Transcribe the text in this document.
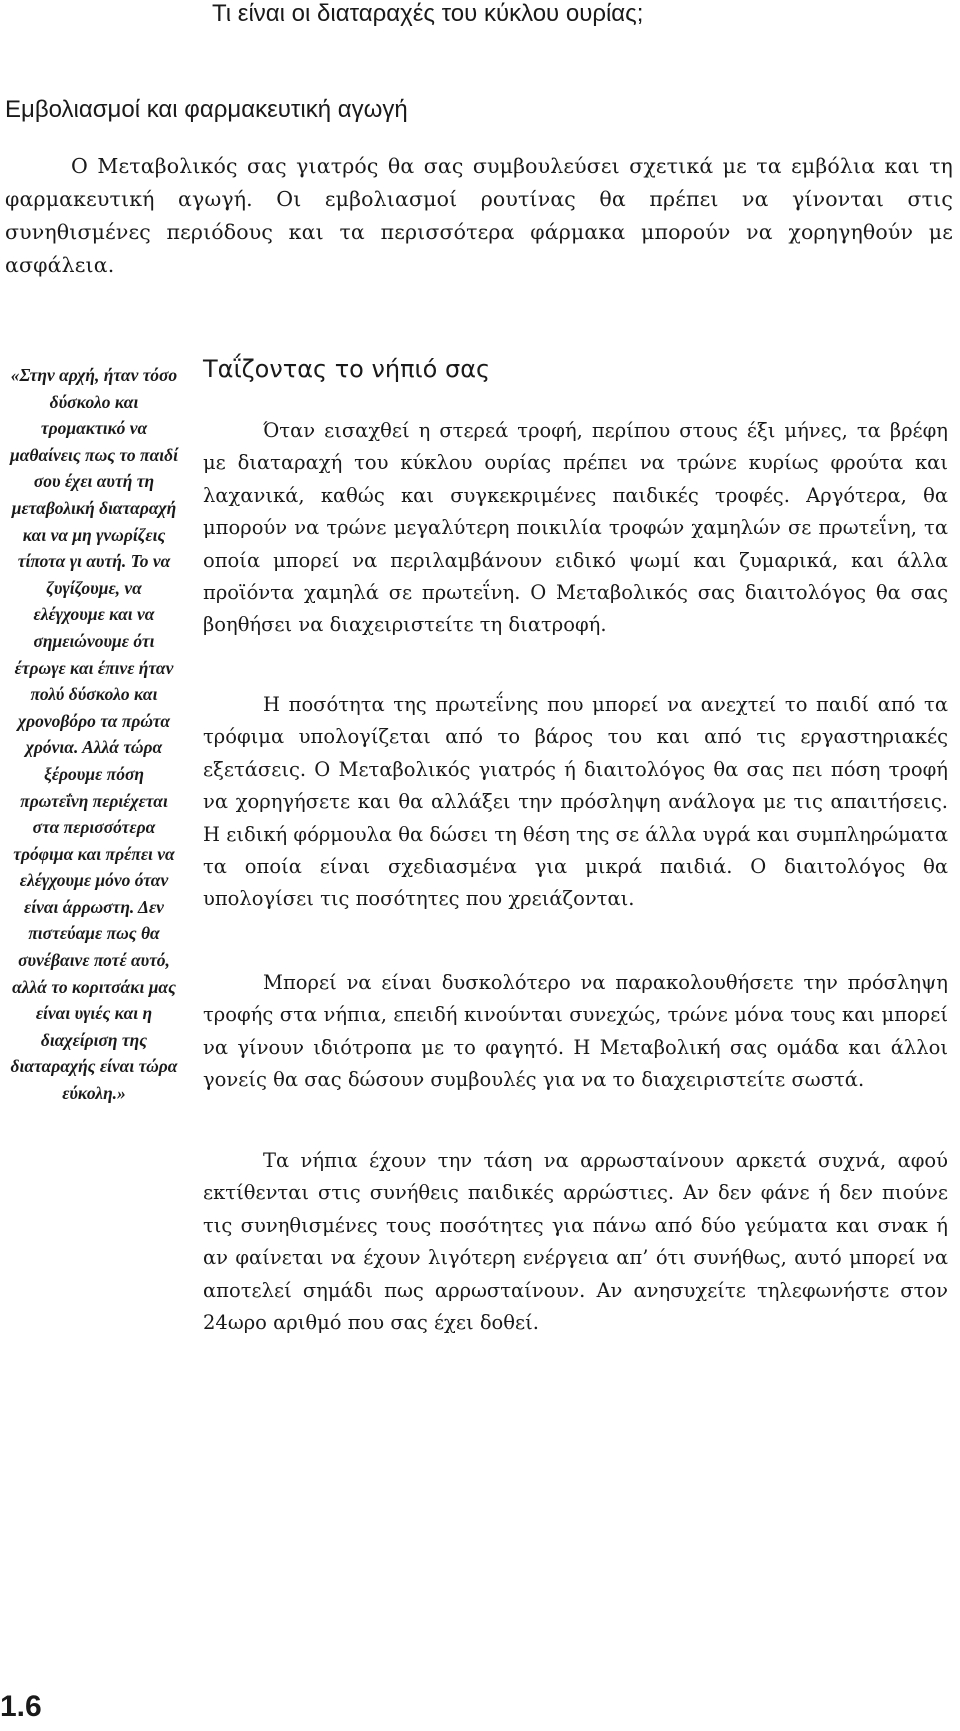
Τι είναι οι διαταραχές του κύκλου ουρίας;
Εμβολιασμοί και φαρμακευτική αγωγή

Ο Μεταβολικός σας γιατρός θα σας συμβουλεύσει σχετικά με τα εμβόλια και τη φαρμακευτική αγωγή. Οι εμβολιασμοί ρουτίνας θα πρέπει να γίνονται στις συνηθισμένες περιόδους και τα περισσότερα φάρμακα μπορούν να χορηγηθούν με ασφάλεια.

«Στην αρχή, ήταν τόσο δύσκολο και τρομακτικό να μαθαίνεις πως το παιδί σου έχει αυτή τη μεταβολική διαταραχή και να μη γνωρίζεις τίποτα γι αυτή. Το να ζυγίζουμε, να ελέγχουμε και να σημειώνουμε ότι έτρωγε και έπινε ήταν πολύ δύσκολο και χρονοβόρο τα πρώτα χρόνια. Αλλά τώρα ξέρουμε πόση πρωτεΐνη περιέχεται στα περισσότερα τρόφιμα και πρέπει να ελέγχουμε μόνο όταν είναι άρρωστη. Δεν πιστεύαμε πως θα συνέβαινε ποτέ αυτό, αλλά το κοριτσάκι μας είναι υγιές και η διαχείριση της διαταραχής είναι τώρα εύκολη.»

Ταΐζοντας το νήπιό σας

Όταν εισαχθεί η στερεά τροφή, περίπου στους έξι μήνες, τα βρέφη με διαταραχή του κύκλου ουρίας πρέπει να τρώνε κυρίως φρούτα και λαχανικά, καθώς και συγκεκριμένες παιδικές τροφές. Αργότερα, θα μπορούν να τρώνε μεγαλύτερη ποικιλία τροφών χαμηλών σε πρωτεΐνη, τα οποία μπορεί να περιλαμβάνουν ειδικό ψωμί και ζυμαρικά, και άλλα προϊόντα χαμηλά σε πρωτεΐνη. Ο Μεταβολικός σας διαιτολόγος θα σας βοηθήσει να διαχειριστείτε τη διατροφή.

Η ποσότητα της πρωτεΐνης που μπορεί να ανεχτεί το παιδί από τα τρόφιμα υπολογίζεται από το βάρος του και από τις εργαστηριακές εξετάσεις. Ο Μεταβολικός γιατρός ή διαιτολόγος θα σας πει πόση τροφή να χορηγήσετε και θα αλλάξει την πρόσληψη ανάλογα με τις απαιτήσεις. Η ειδική φόρμουλα θα δώσει τη θέση της σε άλλα υγρά και συμπληρώματα τα οποία είναι σχεδιασμένα για μικρά παιδιά. Ο διαιτολόγος θα υπολογίσει τις ποσότητες που χρειάζονται.

Μπορεί να είναι δυσκολότερο να παρακολουθήσετε την πρόσληψη τροφής στα νήπια, επειδή κινούνται συνεχώς, τρώνε μόνα τους και μπορεί να γίνουν ιδιότροπα με το φαγητό. Η Μεταβολική σας ομάδα και άλλοι γονείς θα σας δώσουν συμβουλές για να το διαχειριστείτε σωστά.

Τα νήπια έχουν την τάση να αρρωσταίνουν αρκετά συχνά, αφού εκτίθενται στις συνήθεις παιδικές αρρώστιες. Αν δεν φάνε ή δεν πιούνε τις συνηθισμένες τους ποσότητες για πάνω από δύο γεύματα και σνακ ή αν φαίνεται να έχουν λιγότερη ενέργεια απ’ ότι συνήθως, αυτό μπορεί να αποτελεί σημάδι πως αρρωσταίνουν. Αν ανησυχείτε τηλεφωνήστε στον 24ωρο αριθμό που σας έχει δοθεί.

1.6
